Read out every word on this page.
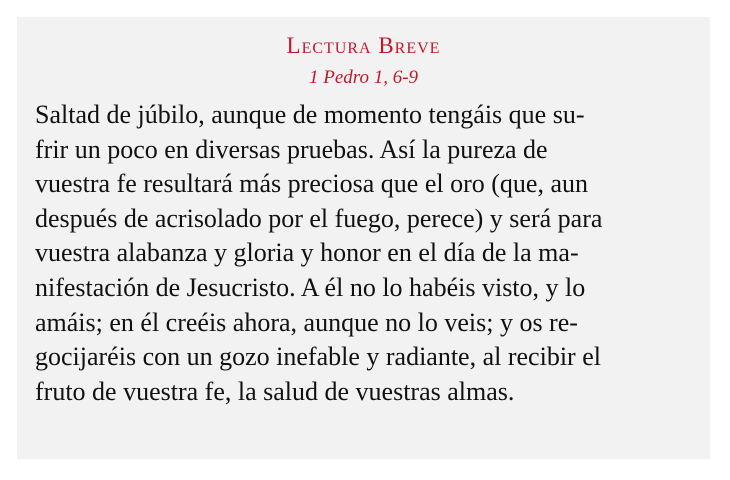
Lectura Breve
1 Pedro 1, 6-9

Saltad de júbilo, aunque de momento tengáis que su-
frir un poco en diversas pruebas. Así la pureza de
vuestra fe resultará más preciosa que el oro (que, aun
después de acrisolado por el fuego, perece) y será para
vuestra alabanza y gloria y honor en el día de la ma-
nifestación de Jesucristo. A él no lo habéis visto, y lo
amáis; en él creéis ahora, aunque no lo veis; y os re-
gocijaréis con un gozo inefable y radiante, al recibir el
fruto de vuestra fe, la salud de vuestras almas.
